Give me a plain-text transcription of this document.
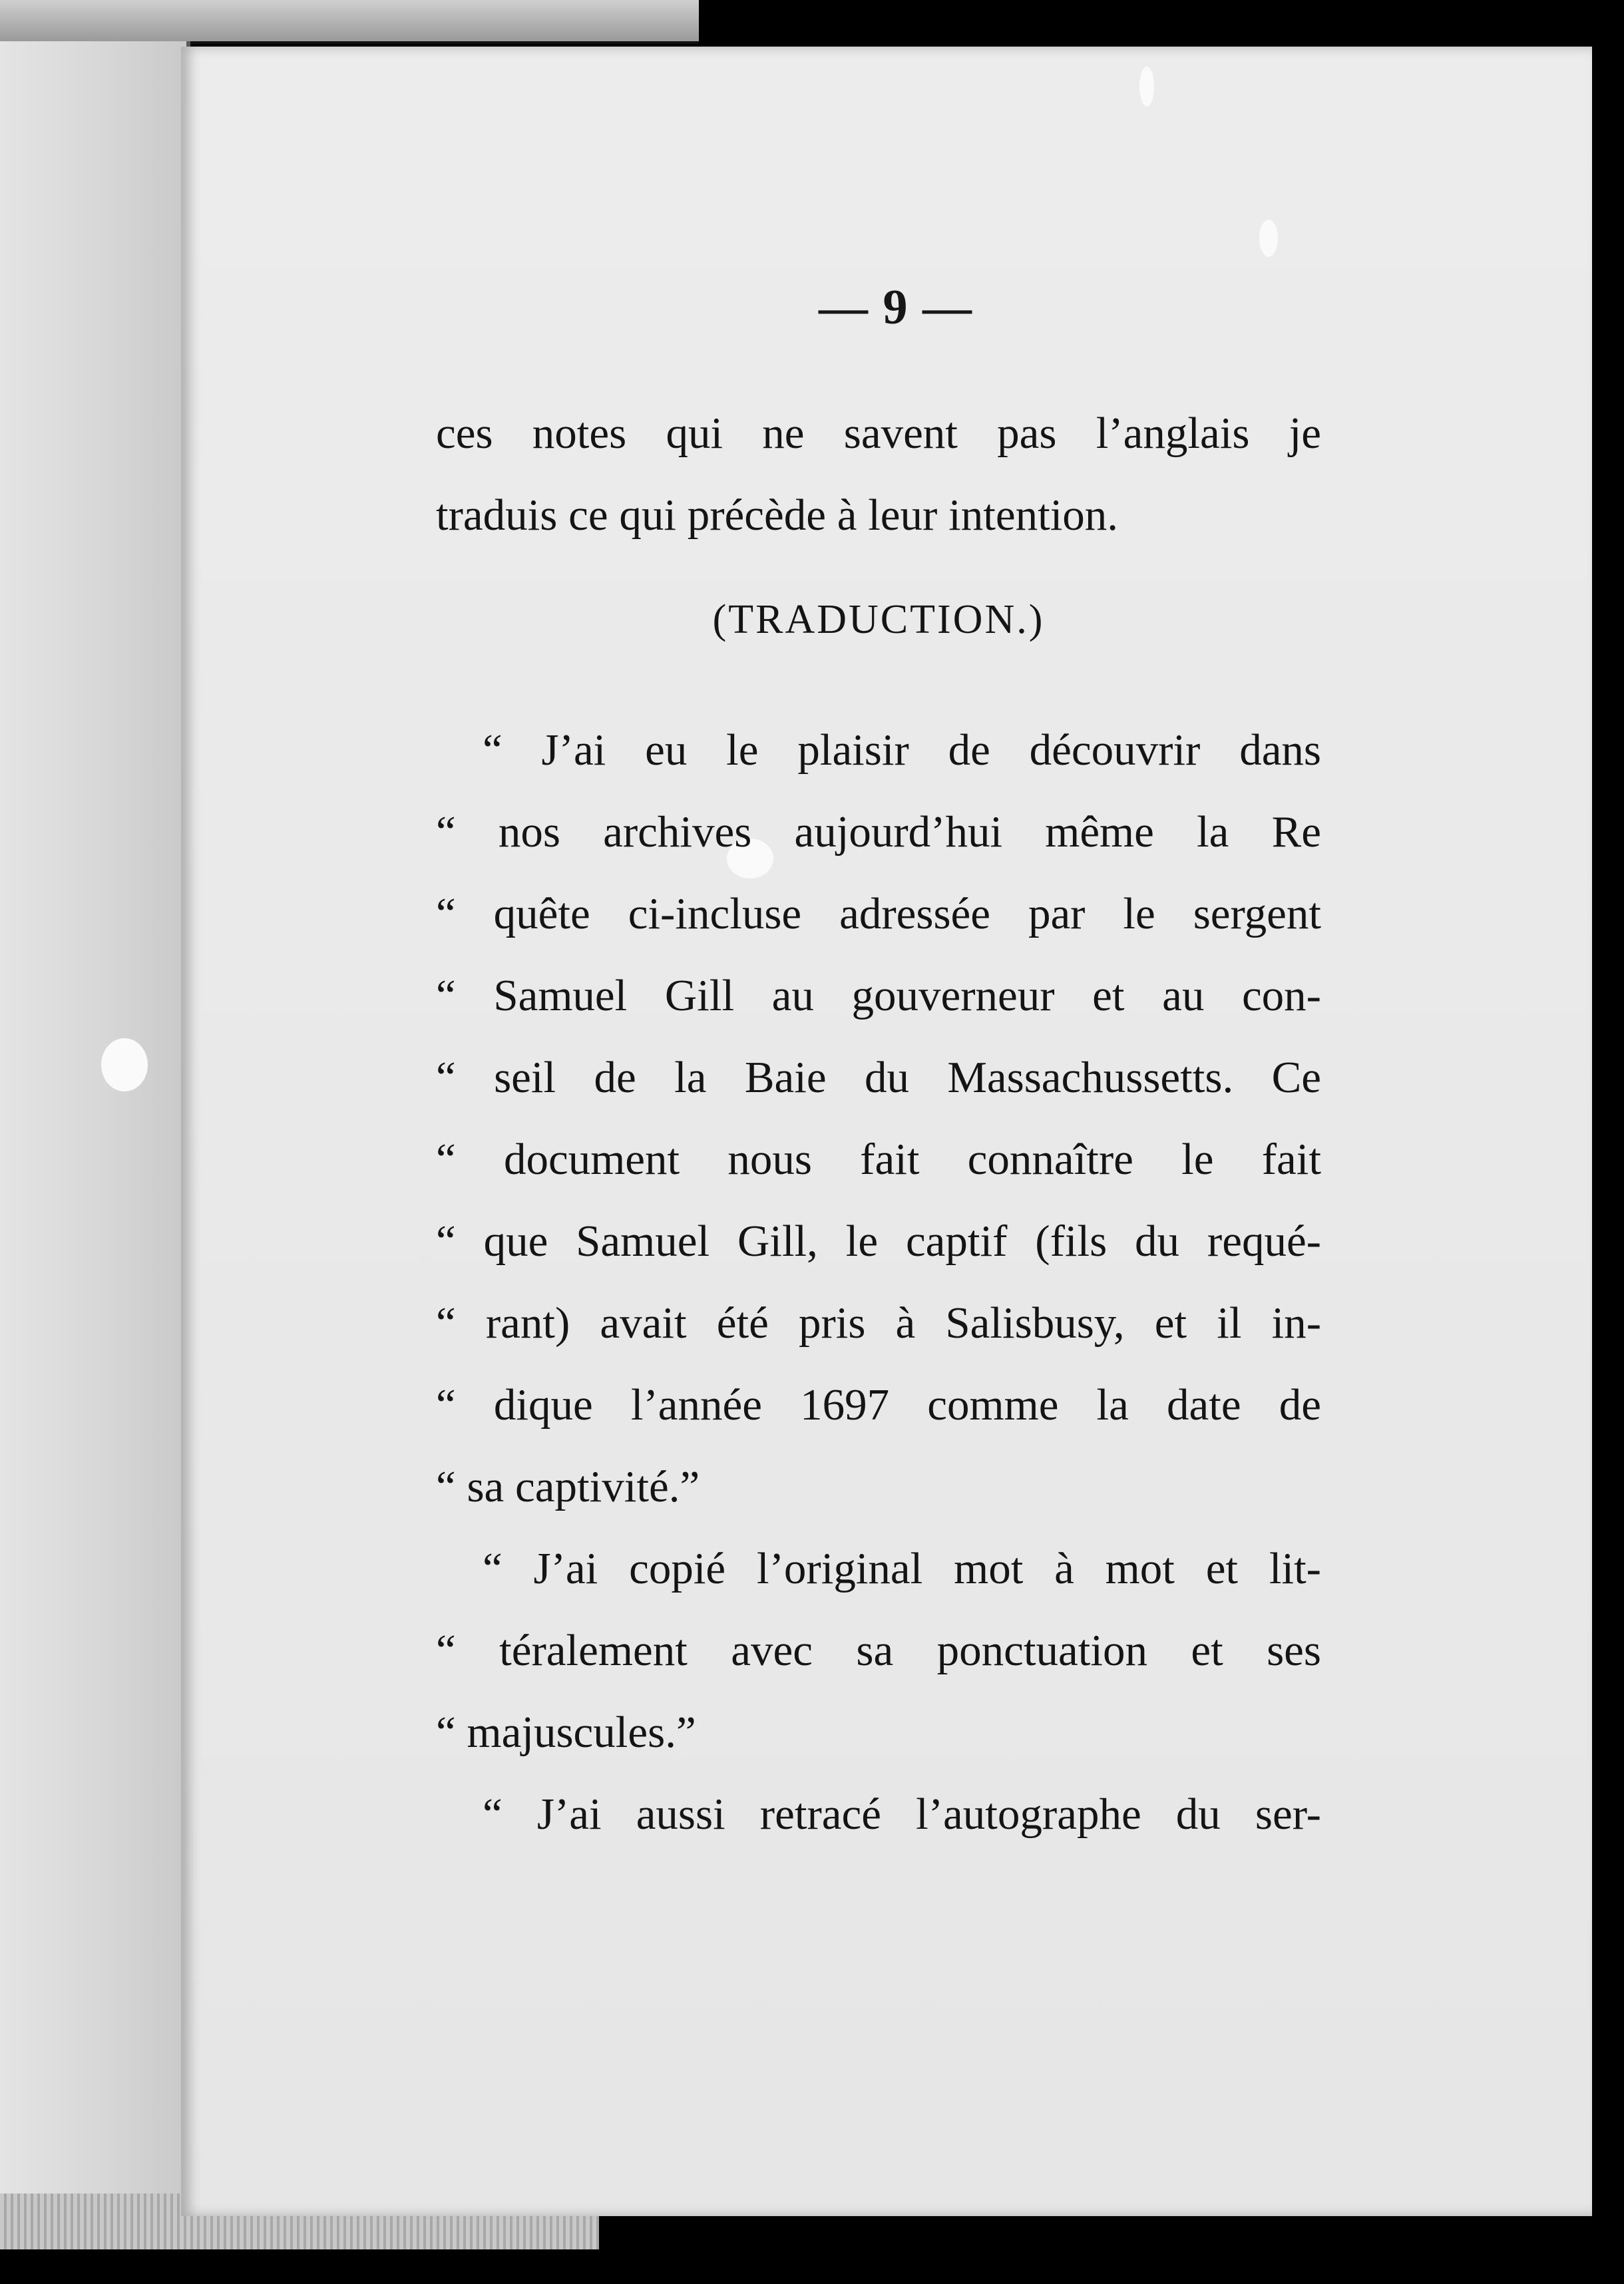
— 9 —
ces notes qui ne savent pas l’anglais je
traduis ce qui précède à leur intention.
(TRADUCTION.)
“ J’ai eu le plaisir de découvrir dans
“ nos archives aujourd’hui même la Re
“ quête ci-incluse adressée par le sergent
“ Samuel Gill au gouverneur et au con-
“ seil de la Baie du Massachussetts. Ce
“ document nous fait connaître le fait
“ que Samuel Gill, le captif (fils du requé-
“ rant) avait été pris à Salisbusy, et il in-
“ dique l’année 1697 comme la date de
“ sa captivité.”
“ J’ai copié l’original mot à mot et lit-
“ téralement avec sa ponctuation et ses
“ majuscules.”
“ J’ai aussi retracé l’autographe du ser-
